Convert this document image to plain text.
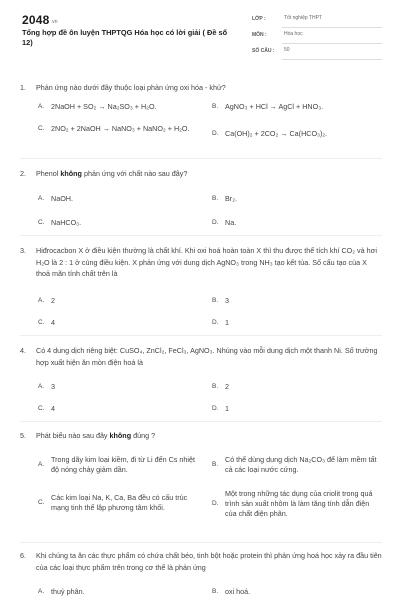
2048.vn
Tổng hợp đề ôn luyện THPTQG Hóa học có lời giải ( Đề số 12)
LỚP :	Tốt nghiệp THPT
MÔN :	Hóa học
SỐ CÂU :	50
1.	Phản ứng nào dưới đây thuộc loại phản ứng oxi hóa - khử?
A. 2NaOH + SO₂ → Na₂SO₃ + H₂O.	B. AgNO₃ + HCl → AgCl + HNO₃.
C. 2NO₂ + 2NaOH → NaNO₃ + NaNO₂ + H₂O.
D. Ca(OH)₂ + 2CO₂ → Ca(HCO₃)₂.
2.	Phenol không phản ứng với chất nào sau đây?
A. NaOH.	B. Br₂.
C. NaHCO₃.	D. Na.
3.	Hiđrocacbon X ở điều kiện thường là chất khí. Khi oxi hoá hoàn toàn X thì thu được thể tích khí CO₂ và hơi H₂O là 2 : 1 ở cùng điều kiện. X phản ứng với dung dịch AgNO₃ trong NH₃ tạo kết tủa. Số cấu tạo của X thoả mãn tính chất trên là
A. 2	B. 3
C. 4	D. 1
4.	Có 4 dung dịch riêng biệt: CuSO₄, ZnCl₂, FeCl₃, AgNO₃. Nhúng vào mỗi dung dịch một thanh Ni. Số trường hợp xuất hiện ăn mòn điện hoá là
A. 3	B. 2
C. 4	D. 1
5.	Phát biểu nào sau đây không đúng ?
A.
Trong dãy kim loại kiềm, đi từ Li đến Cs nhiệt độ nóng chảy giảm dần.
B.
Có thể dùng dung dịch Na₂CO₃ để làm mềm tất cả các loại nước cứng.
C.
Các kim loại Na, K, Ca, Ba đều có cấu trúc mạng tinh thể lập phương tâm khối.	D.
Một trong những tác dụng của criolit trong quá trình sản xuất nhôm là làm tăng tính dẫn điện của chất điện phân.
6.	Khi chúng ta ăn các thực phẩm có chứa chất béo, tinh bột hoặc protein thì phản ứng hoá học xảy ra đầu tiên của các loại thực phẩm trên trong cơ thể là phản ứng
A. thuỷ phân.	B. oxi hoá.
